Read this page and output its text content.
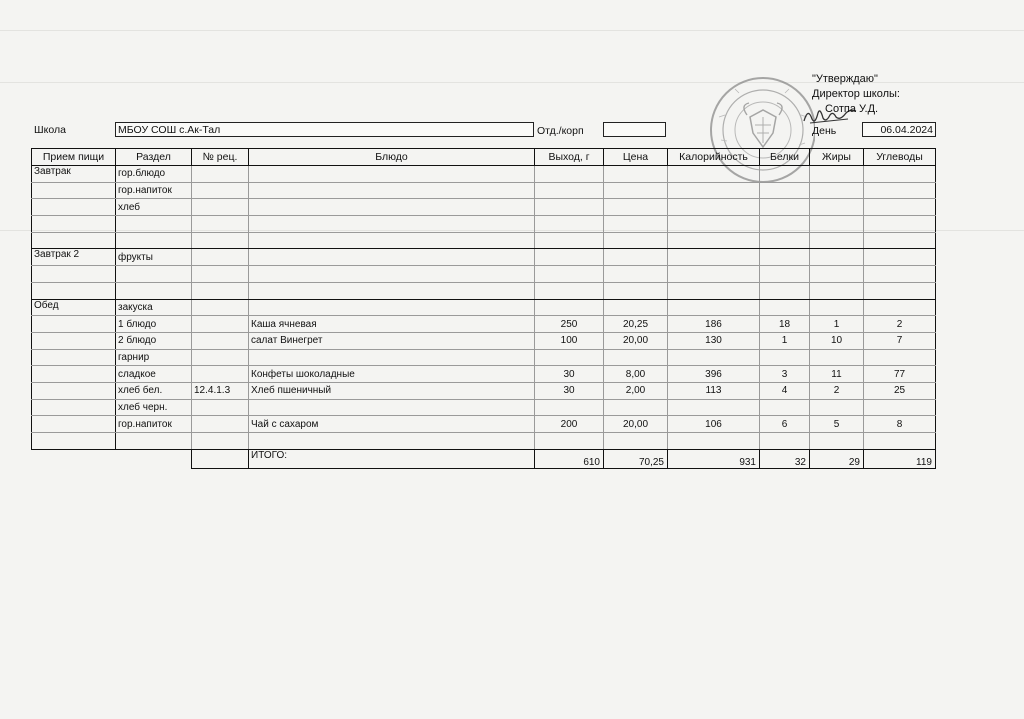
"Утверждаю"
Директор школы:
Сотпа У.Д.
Школа	МБОУ СОШ с.Ак-Тал	Отд./корп	День	06.04.2024
Прием пищи	Раздел	№ рец.	Блюдо	Выход, г	Цена	Калорийность	Белки	Жиры	Углеводы
Завтрак	гор.блюдо								
	гор.напиток								
	хлеб								

Завтрак 2	фрукты								

Обед	закуска								
	1 блюдо		Каша ячневая	250	20,25	186	18	1	2
	2 блюдо		салат Винегрет	100	20,00	130	1	10	7
	гарнир								
	сладкое		Конфеты шоколадные	30	8,00	396	3	11	77
	хлеб бел.	12.4.1.3	Хлеб пшеничный	30	2,00	113	4	2	25
	хлеб черн.								
	гор.напиток		Чай с сахаром	200	20,00	106	6	5	8

			ИТОГО:	610	70,25	931	32	29	119
